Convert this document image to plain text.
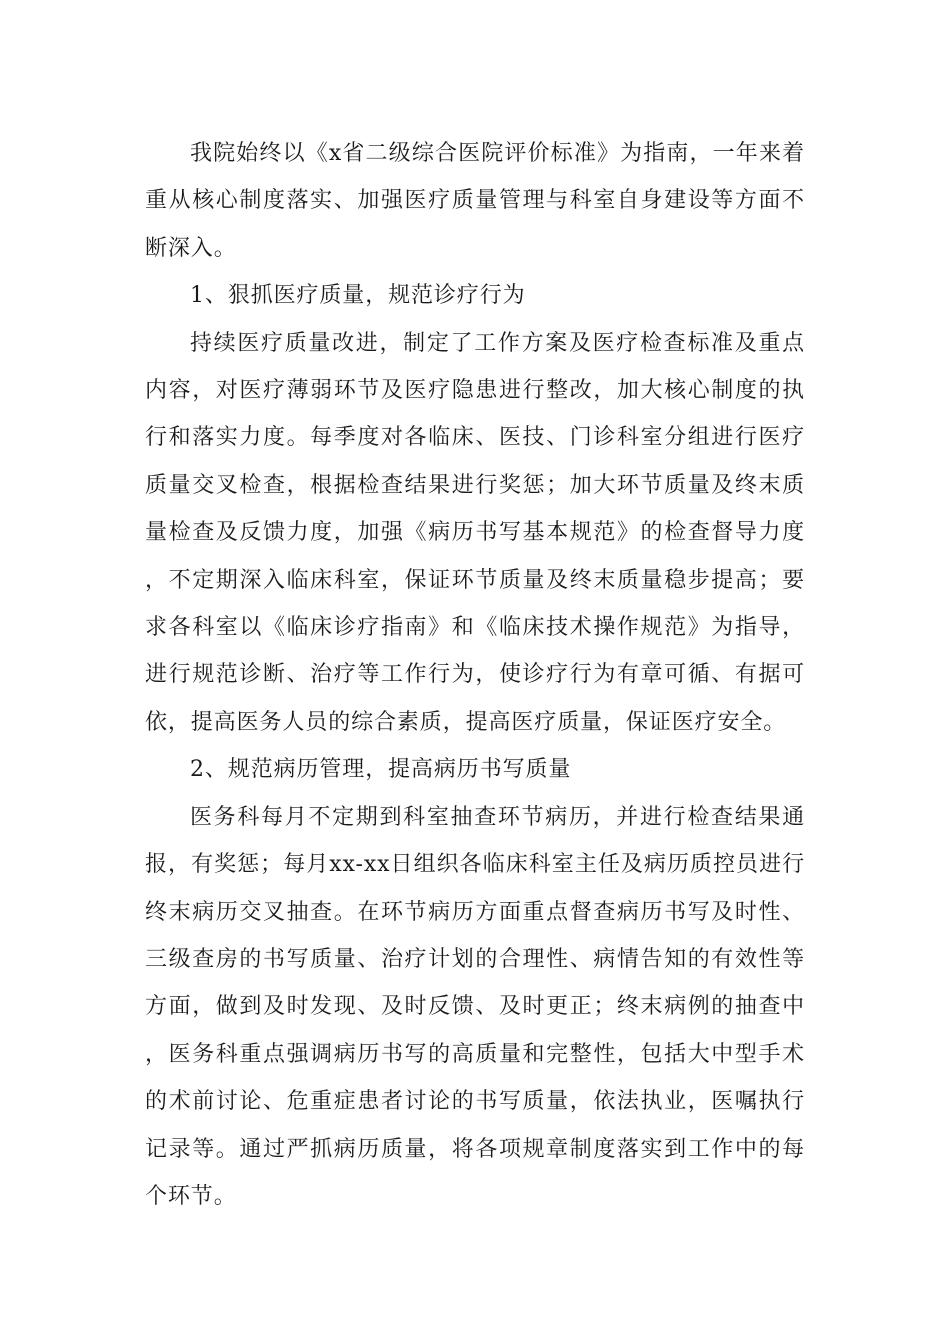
我院始终以《x省二级综合医院评价标准》为指南，一年来着重从核心制度落实、加强医疗质量管理与科室自身建设等方面不断深入。

1、狠抓医疗质量，规范诊疗行为

持续医疗质量改进，制定了工作方案及医疗检查标准及重点内容，对医疗薄弱环节及医疗隐患进行整改，加大核心制度的执行和落实力度。每季度对各临床、医技、门诊科室分组进行医疗质量交叉检查，根据检查结果进行奖惩；加大环节质量及终末质量检查及反馈力度，加强《病历书写基本规范》的检查督导力度，不定期深入临床科室，保证环节质量及终末质量稳步提高；要求各科室以《临床诊疗指南》和《临床技术操作规范》为指导，进行规范诊断、治疗等工作行为，使诊疗行为有章可循、有据可依，提高医务人员的综合素质，提高医疗质量，保证医疗安全。

2、规范病历管理，提高病历书写质量

医务科每月不定期到科室抽查环节病历，并进行检查结果通报，有奖惩；每月xx-xx日组织各临床科室主任及病历质控员进行终末病历交叉抽查。在环节病历方面重点督查病历书写及时性、三级查房的书写质量、治疗计划的合理性、病情告知的有效性等方面，做到及时发现、及时反馈、及时更正；终末病例的抽查中，医务科重点强调病历书写的高质量和完整性，包括大中型手术的术前讨论、危重症患者讨论的书写质量，依法执业，医嘱执行记录等。通过严抓病历质量，将各项规章制度落实到工作中的每个环节。
